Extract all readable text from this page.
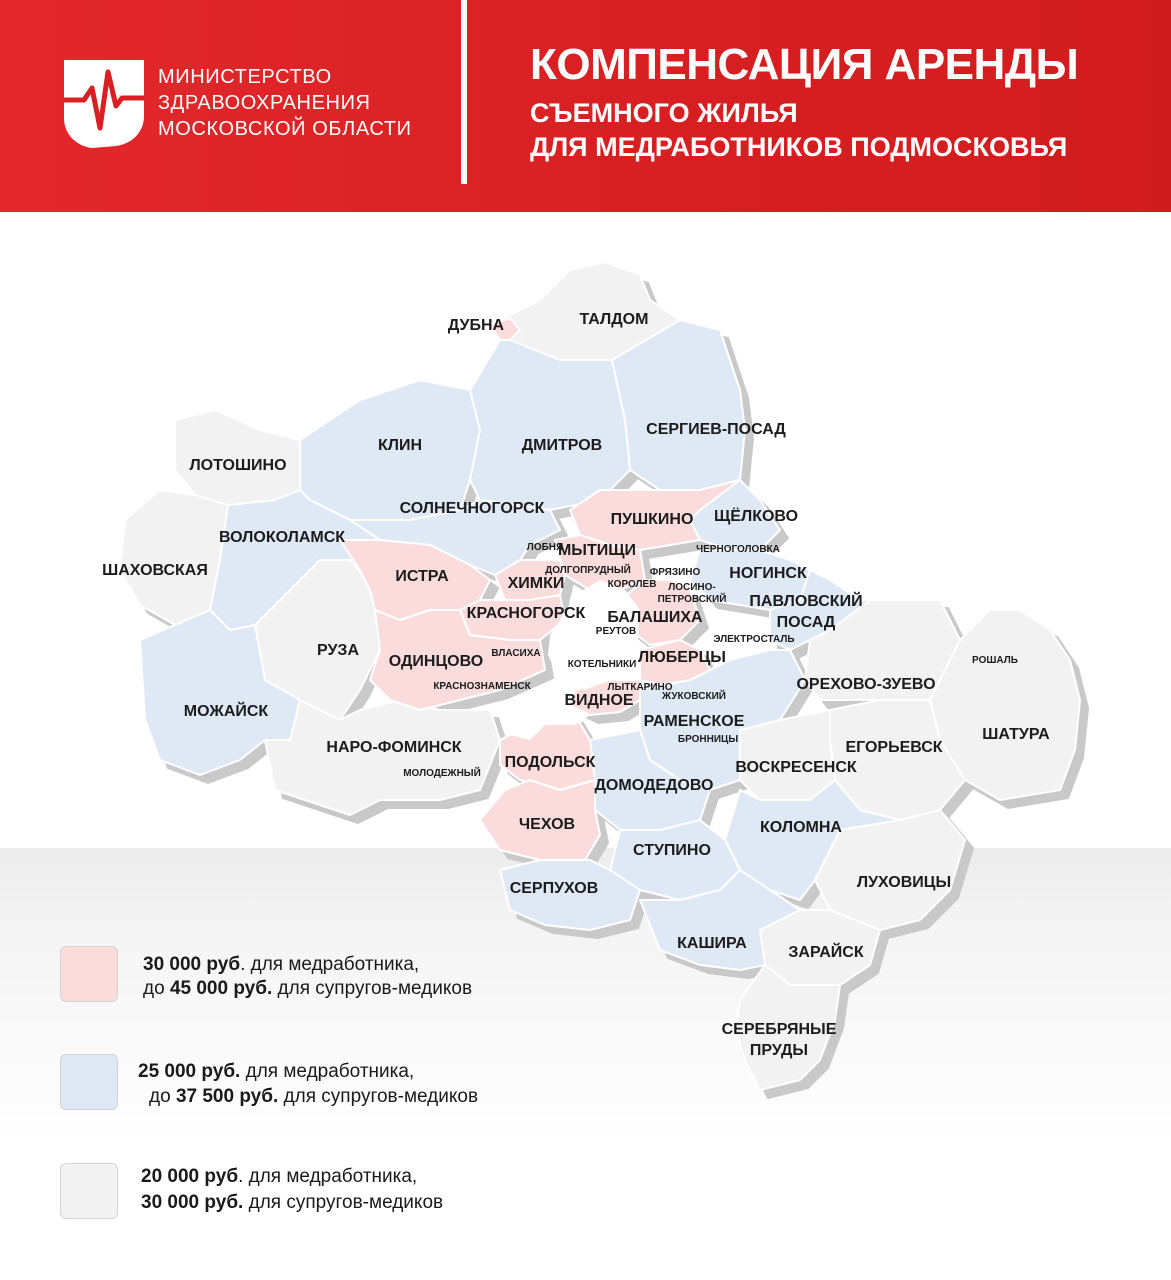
МИНИСТЕРСТВО
ЗДРАВООХРАНЕНИЯ
МОСКОВСКОЙ ОБЛАСТИ
КОМПЕНСАЦИЯ АРЕНДЫ
СЪЕМНОГО ЖИЛЬЯ
ДЛЯ МЕДРАБОТНИКОВ ПОДМОСКОВЬЯ
ДУБНА	ТАЛДОМ
КЛИН	ДМИТРОВ
СЕРГИЕВ-ПОСАД
ЛОТОШИНО
СОЛНЕЧНОГОРСК
ПУШКИНО ЩЁЛКОВО
ВОЛОКОЛАМСК
ШАХОВСКАЯ	ИСТРА
МЫТИЩИ
ХИМКИ
НОГИНСК
КРАСНОГОРСК БАЛАШИХА
ПАВЛОВСКИЙ
ПОСАД
РУЗА
ОДИНЦОВО	ЛЮБЕРЦЫ
ОРЕХОВО-ЗУЕВО
МОЖАЙСК
ВИДНОЕ
РАМЕНСКОЕ
ШАТУРА
ЕГОРЬЕВСК
НАРО-ФОМИНСК
ПОДОЛЬСК	ВОСКРЕСЕНСК
ДОМОДЕДОВО
ЧЕХОВ	КОЛОМНА
СТУПИНО
ЛУХОВИЦЫ
СЕРПУХОВ
КАШИРА
ЗАРАЙСК
СЕРЕБРЯНЫЕ
ПРУДЫ
ЛОБНЯ
ДОЛГОПРУДНЫЙ ФРЯЗИНО
ЧЕРНОГОЛОВКА
КОРОЛЕВ ЛОСИНО-
ПЕТРОВСКИЙ
РЕУТОВ
ЭЛЕКТРОСТАЛЬ
ВЛАСИХА
КОТЕЛЬНИКИ	РОШАЛЬ
КРАСНОЗНАМЕНСК	ЛЫТКАРИНО
ЖУКОВСКИЙ
БРОННИЦЫ
МОЛОДЕЖНЫЙ
30 000 руб. для медработника,
до 45 000 руб. для супругов-медиков
25 000 руб. для медработника,
до 37 500 руб. для супругов-медиков
20 000 руб. для медработника,
30 000 руб. для супругов-медиков
